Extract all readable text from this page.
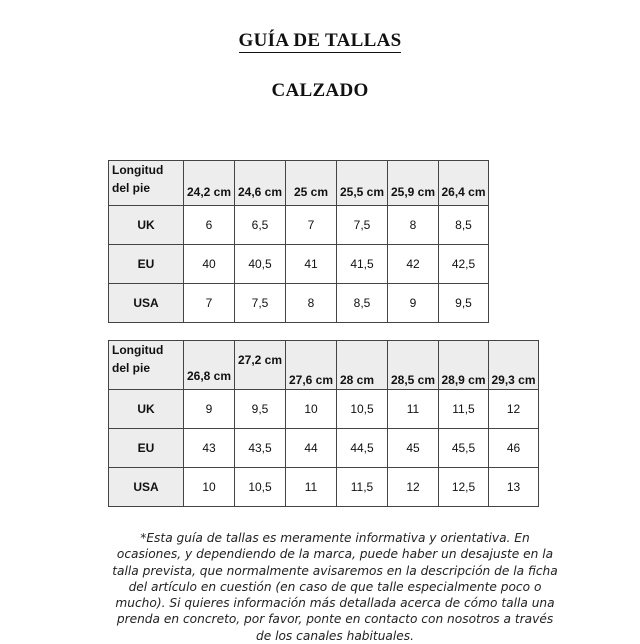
GUÍA DE TALLAS
CALZADO
Longitud del pie	24,2 cm	24,6 cm	25 cm	25,5 cm	25,9 cm	26,4 cm
UK	6	6,5	7	7,5	8	8,5
EU	40	40,5	41	41,5	42	42,5
USA	7	7,5	8	8,5	9	9,5
Longitud del pie	26,8 cm	27,2 cm	27,6 cm	28 cm	28,5 cm	28,9 cm	29,3 cm
UK	9	9,5	10	10,5	11	11,5	12
EU	43	43,5	44	44,5	45	45,5	46
USA	10	10,5	11	11,5	12	12,5	13
*Esta guía de tallas es meramente informativa y orientativa. En ocasiones, y dependiendo de la marca, puede haber un desajuste en la talla prevista, que normalmente avisaremos en la descripción de la ficha del artículo en cuestión (en caso de que talle especialmente poco o mucho). Si quieres información más detallada acerca de cómo talla una prenda en concreto, por favor, ponte en contacto con nosotros a través de los canales habituales.
